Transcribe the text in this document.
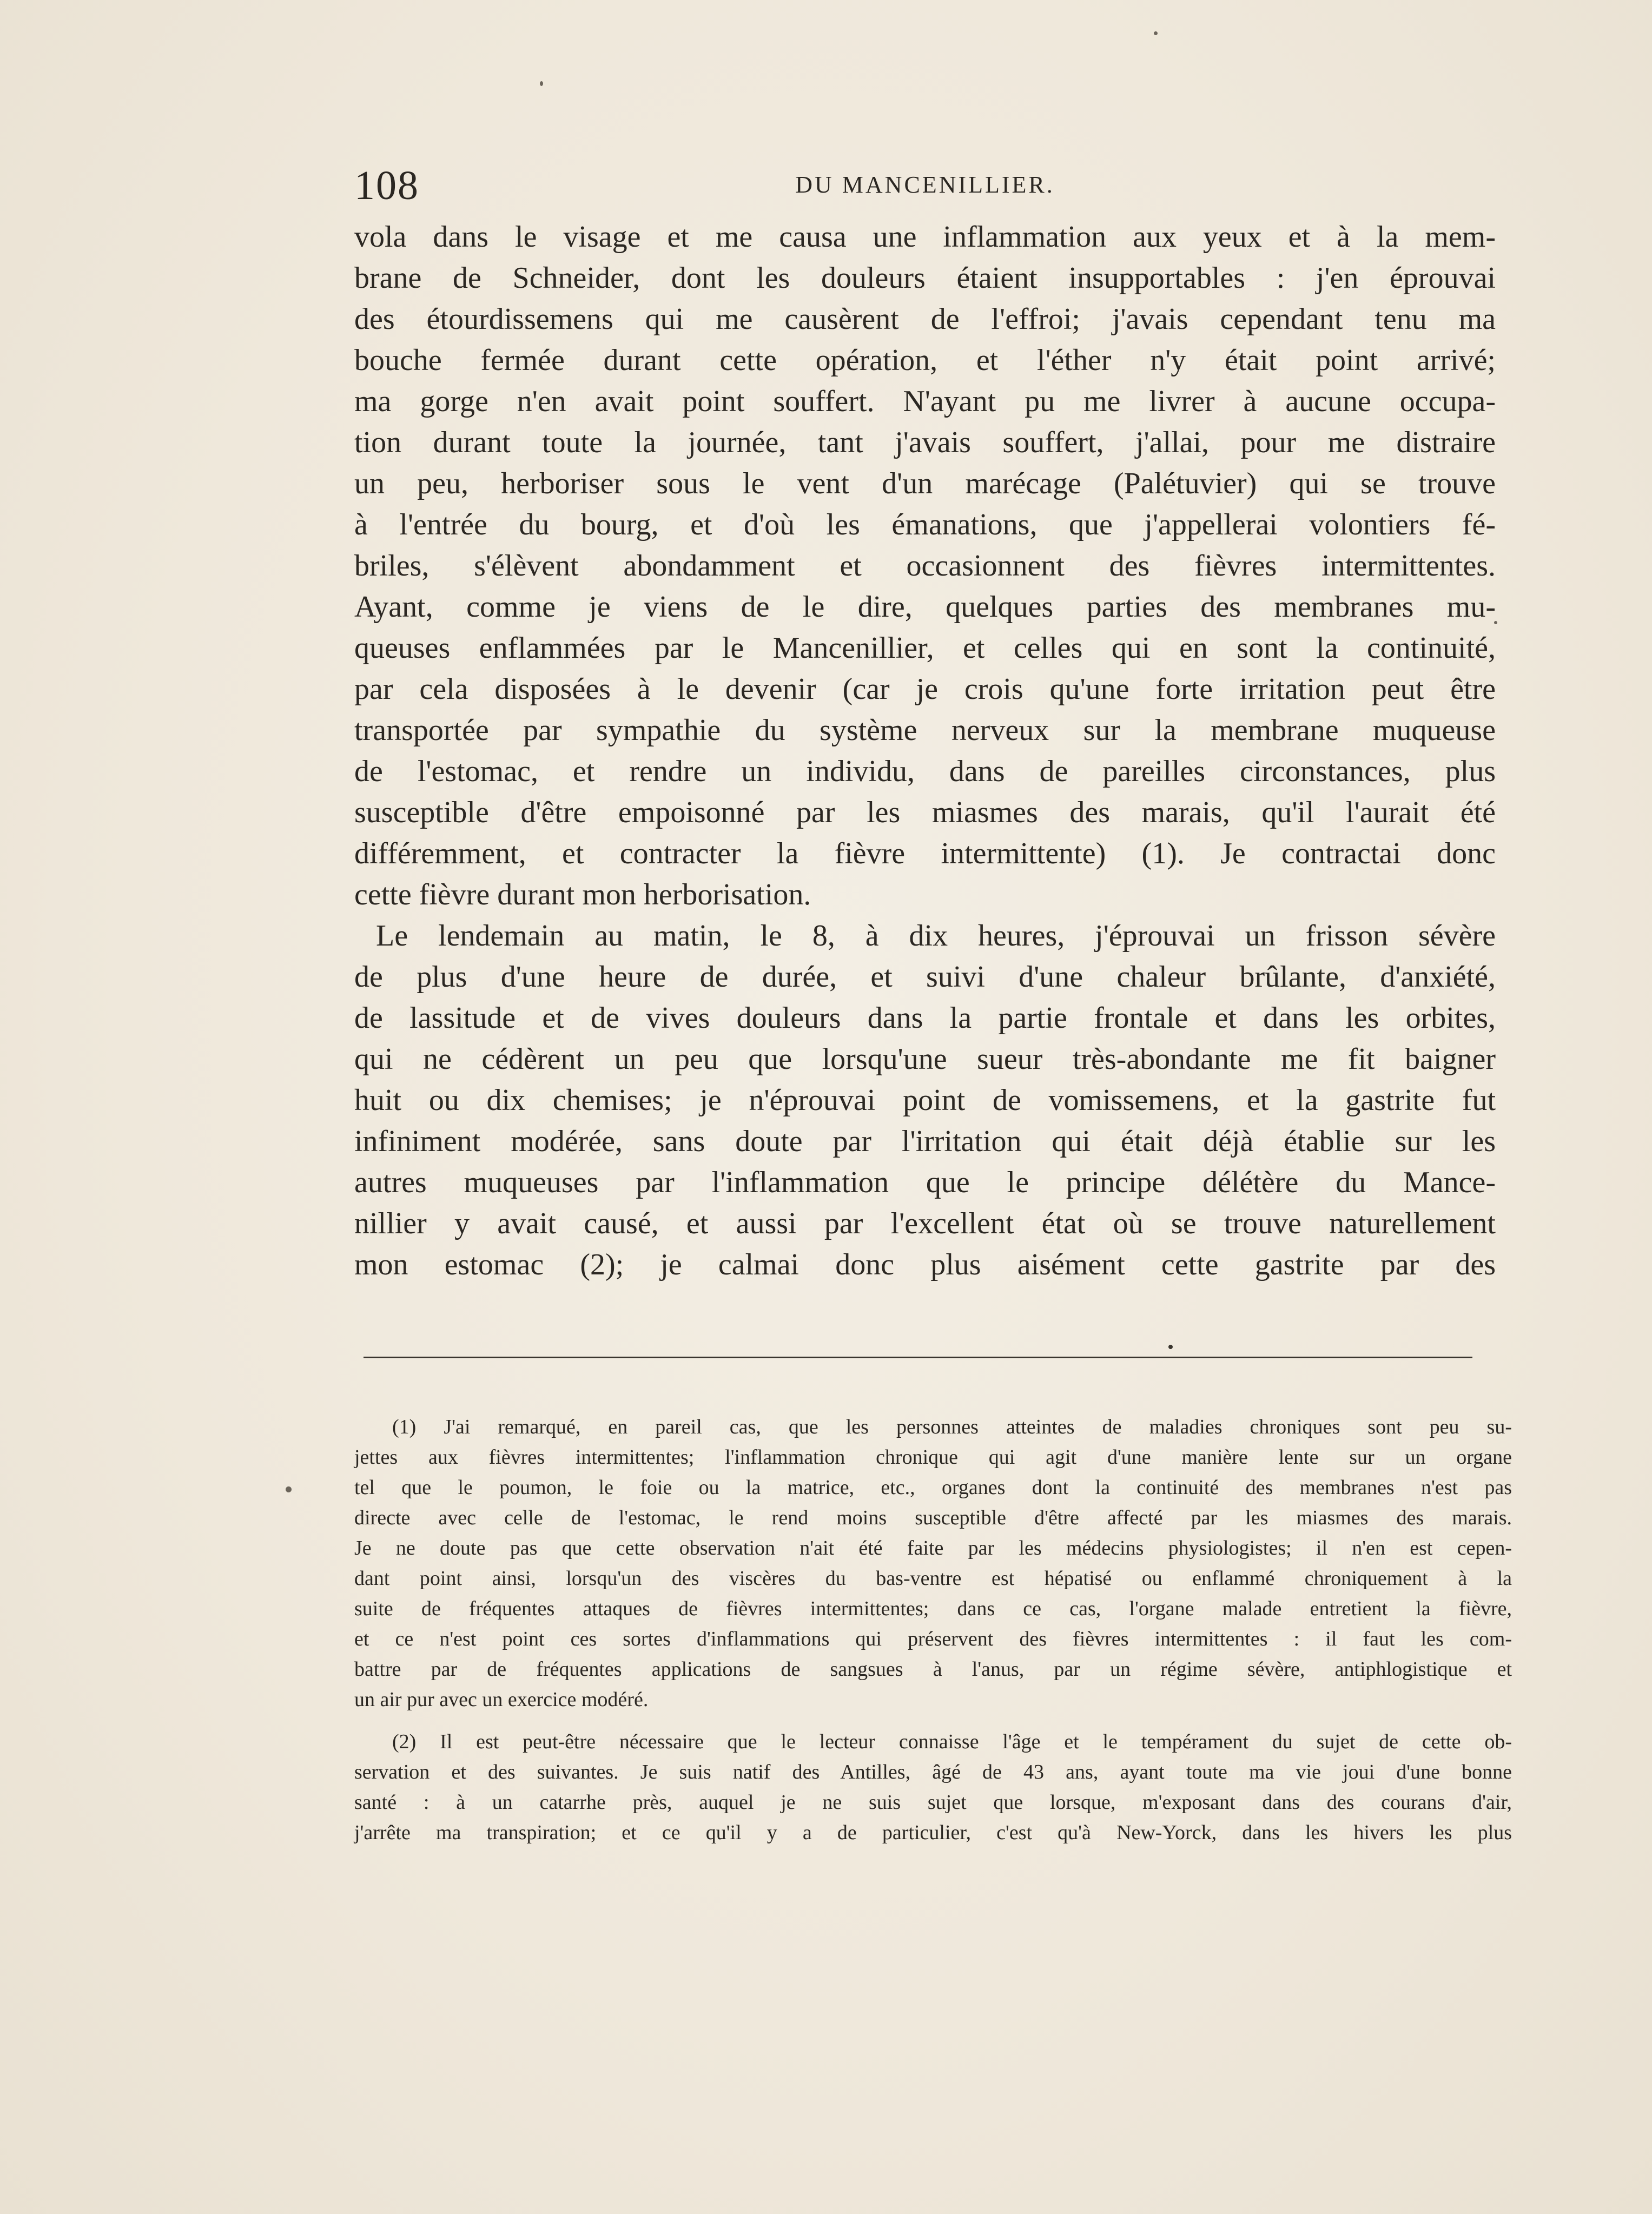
108	DU MANCENILLIER.
vola dans le visage et me causa une inflammation aux yeux et à la mem-
brane de Schneider, dont les douleurs étaient insupportables : j'en éprouvai
des étourdissemens qui me causèrent de l'effroi; j'avais cependant tenu ma
bouche fermée durant cette opération, et l'éther n'y était point arrivé;
ma gorge n'en avait point souffert. N'ayant pu me livrer à aucune occupa-
tion durant toute la journée, tant j'avais souffert, j'allai, pour me distraire
un peu, herboriser sous le vent d'un marécage (Palétuvier) qui se trouve
à l'entrée du bourg, et d'où les émanations, que j'appellerai volontiers fé-
briles, s'élèvent abondamment et occasionnent des fièvres intermittentes.
Ayant, comme je viens de le dire, quelques parties des membranes mu-
queuses enflammées par le Mancenillier, et celles qui en sont la continuité,
par cela disposées à le devenir (car je crois qu'une forte irritation peut être
transportée par sympathie du système nerveux sur la membrane muqueuse
de l'estomac, et rendre un individu, dans de pareilles circonstances, plus
susceptible d'être empoisonné par les miasmes des marais, qu'il l'aurait été
différemment, et contracter la fièvre intermittente) (1). Je contractai donc
cette fièvre durant mon herborisation.
Le lendemain au matin, le 8, à dix heures, j'éprouvai un frisson sévère
de plus d'une heure de durée, et suivi d'une chaleur brûlante, d'anxiété,
de lassitude et de vives douleurs dans la partie frontale et dans les orbites,
qui ne cédèrent un peu que lorsqu'une sueur très-abondante me fit baigner
huit ou dix chemises; je n'éprouvai point de vomissemens, et la gastrite fut
infiniment modérée, sans doute par l'irritation qui était déjà établie sur les
autres muqueuses par l'inflammation que le principe délétère du Mance-
nillier y avait causé, et aussi par l'excellent état où se trouve naturellement
mon estomac (2); je calmai donc plus aisément cette gastrite par des
(1) J'ai remarqué, en pareil cas, que les personnes atteintes de maladies chroniques sont peu su-
jettes aux fièvres intermittentes; l'inflammation chronique qui agit d'une manière lente sur un organe
tel que le poumon, le foie ou la matrice, etc., organes dont la continuité des membranes n'est pas
directe avec celle de l'estomac, le rend moins susceptible d'être affecté par les miasmes des marais.
Je ne doute pas que cette observation n'ait été faite par les médecins physiologistes; il n'en est cepen-
dant point ainsi, lorsqu'un des viscères du bas-ventre est hépatisé ou enflammé chroniquement à la
suite de fréquentes attaques de fièvres intermittentes; dans ce cas, l'organe malade entretient la fièvre,
et ce n'est point ces sortes d'inflammations qui préservent des fièvres intermittentes : il faut les com-
battre par de fréquentes applications de sangsues à l'anus, par un régime sévère, antiphlogistique et
un air pur avec un exercice modéré.
(2) Il est peut-être nécessaire que le lecteur connaisse l'âge et le tempérament du sujet de cette ob-
servation et des suivantes. Je suis natif des Antilles, âgé de 43 ans, ayant toute ma vie joui d'une bonne
santé : à un catarrhe près, auquel je ne suis sujet que lorsque, m'exposant dans des courans d'air,
j'arrête ma transpiration; et ce qu'il y a de particulier, c'est qu'à New-Yorck, dans les hivers les plus
